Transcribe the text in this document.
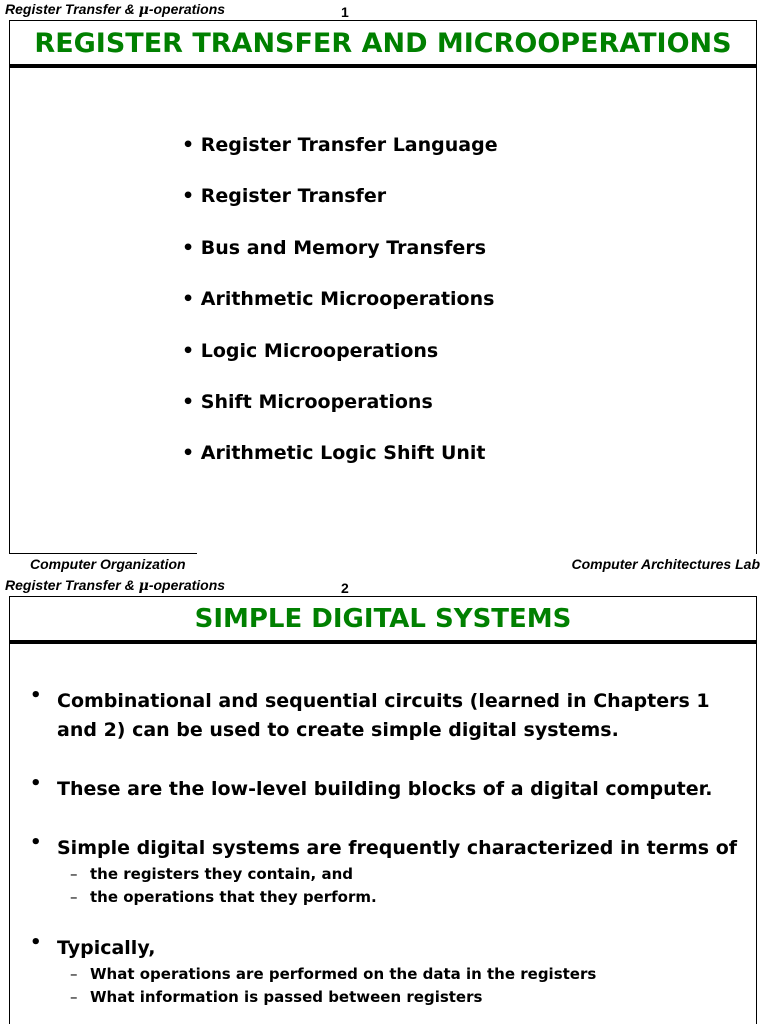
Register Transfer & μ-operations	1
REGISTER TRANSFER AND MICROOPERATIONS
• Register Transfer Language
• Register Transfer
• Bus and Memory Transfers
• Arithmetic Microoperations
• Logic Microoperations
• Shift Microoperations
• Arithmetic Logic Shift Unit
Computer Organization	Computer Architectures Lab
Register Transfer & μ-operations	2
SIMPLE DIGITAL SYSTEMS
• Combinational and sequential circuits (learned in Chapters 1 and 2) can be used to create simple digital systems.
• These are the low-level building blocks of a digital computer.
• Simple digital systems are frequently characterized in terms of
– the registers they contain, and
– the operations that they perform.
• Typically,
– What operations are performed on the data in the registers
– What information is passed between registers
